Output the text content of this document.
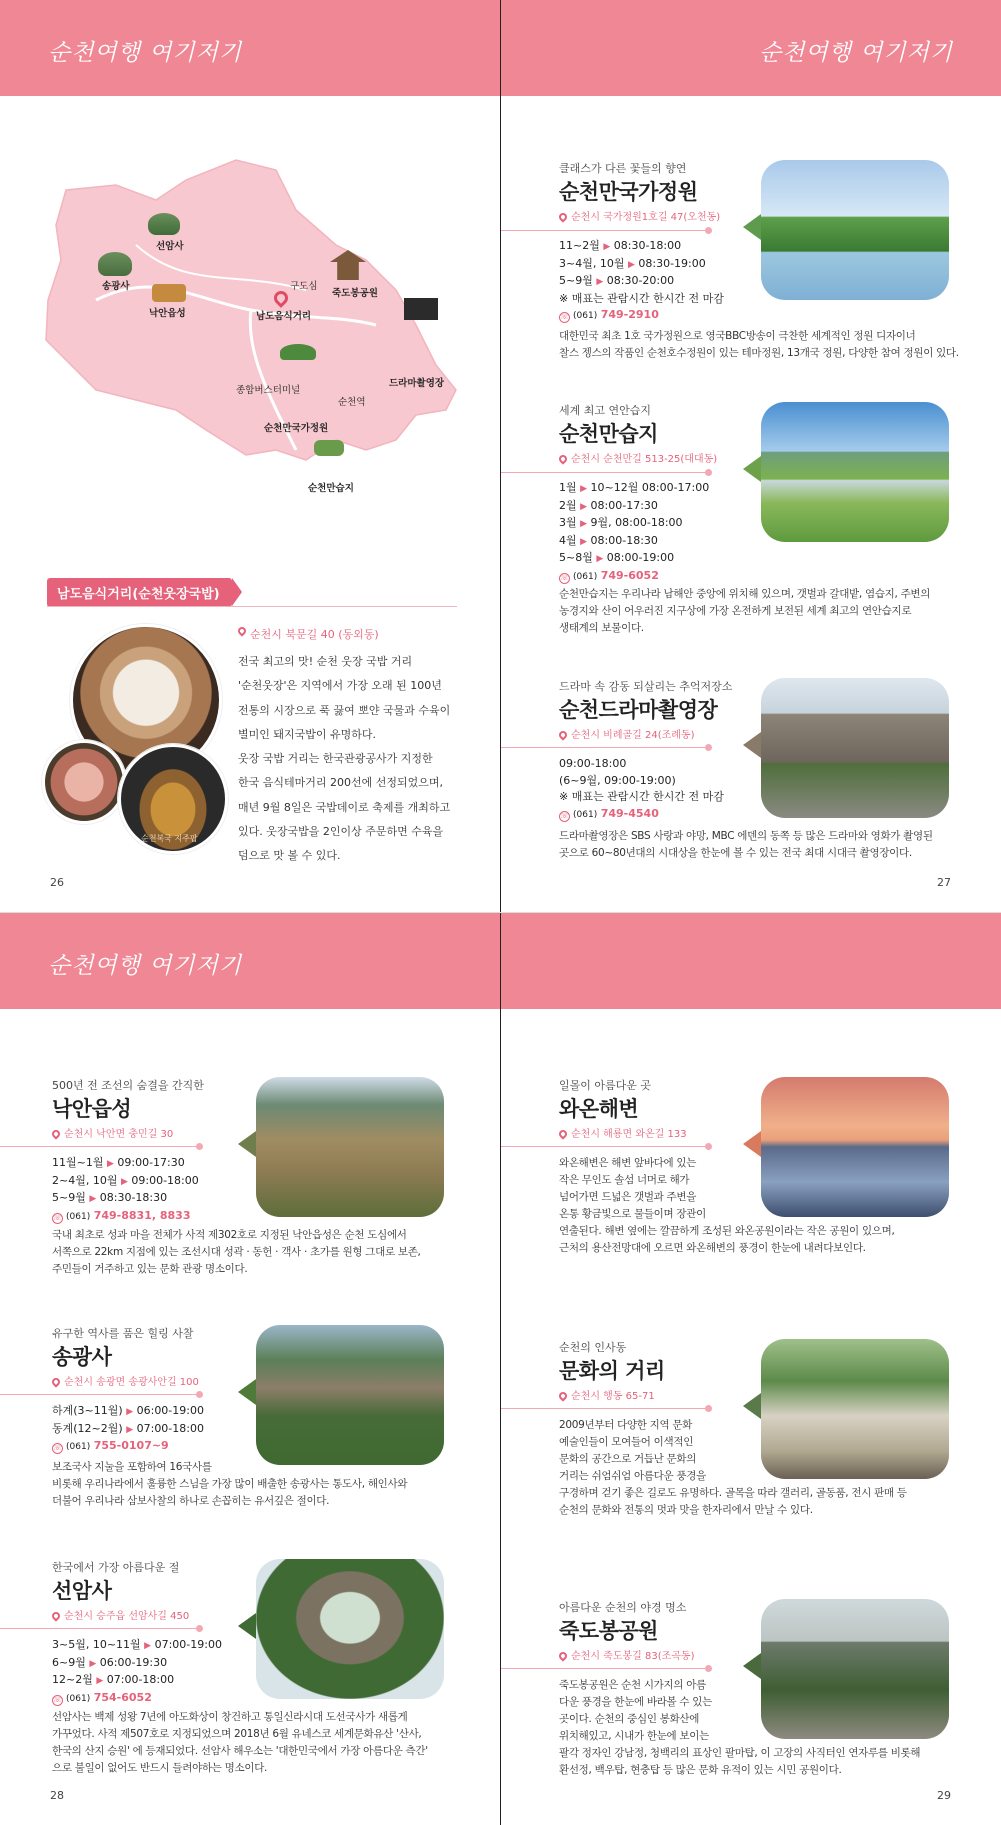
순천여행 여기저기
선암사
송광사
낙안읍성
구도심
죽도봉공원
남도음식거리
드라마촬영장
종합버스터미널
순천역
순천만국가정원
순천만습지
남도음식거리(순천웃장국밥)
순천복국 지주팝
순천시 북문길 40 (동외동)
전국 최고의 맛! 순천 웃장 국밥 거리
'순천웃장'은 지역에서 가장 오래 된 100년
전통의 시장으로 푹 끓여 뽀얀 국물과 수육이
별미인 돼지국밥이 유명하다.
웃장 국밥 거리는 한국관광공사가 지정한
한국 음식테마거리 200선에 선정되었으며,
매년 9월 8일은 국밥데이로 축제를 개최하고
있다. 웃장국밥을 2인이상 주문하면 수육을
덤으로 맛 볼 수 있다.
26
순천여행 여기저기
클래스가 다른 꽃들의 향연
순천만국가정원
순천시 국가정원1호길 47(오천동)
11~2월 ▶ 08:30-18:00
3~4월, 10월 ▶ 08:30-19:00
5~9월 ▶ 08:30-20:00
※ 매표는 관람시간 한시간 전 마감
☏ (061) 749-2910
대한민국 최초 1호 국가정원으로 영국BBC방송이 극찬한 세계적인 정원 디자이너
찰스 젱스의 작품인 순천호수정원이 있는 테마정원, 13개국 정원, 다양한 참여 정원이 있다.
세계 최고 연안습지
순천만습지
순천시 순천만길 513-25(대대동)
1월 ▶ 10~12월 08:00-17:00
2월 ▶ 08:00-17:30
3월 ▶ 9월, 08:00-18:00
4월 ▶ 08:00-18:30
5~8월 ▶ 08:00-19:00
☏ (061) 749-6052
순천만습지는 우리나라 남해안 중앙에 위치해 있으며, 갯벌과 갈대밭, 염습지, 주변의
농경지와 산이 어우러진 지구상에 가장 온전하게 보전된 세계 최고의 연안습지로
생태계의 보물이다.
드라마 속 감동 되살리는 추억저장소
순천드라마촬영장
순천시 비례골길 24(조례동)
09:00-18:00
(6~9월, 09:00-19:00)
※ 매표는 관람시간 한시간 전 마감
☏ (061) 749-4540
드라마촬영장은 SBS 사랑과 야망, MBC 에덴의 동쪽 등 많은 드라마와 영화가 촬영된
곳으로 60~80년대의 시대상을 한눈에 볼 수 있는 전국 최대 시대극 촬영장이다.
27
순천여행 여기저기
500년 전 조선의 숨결을 간직한
낙안읍성
순천시 낙안면 충민길 30
11월~1월 ▶ 09:00-17:30
2~4월, 10월 ▶ 09:00-18:00
5~9월 ▶ 08:30-18:30
☏ (061) 749-8831, 8833
국내 최초로 성과 마을 전체가 사적 제302호로 지정된 낙안읍성은 순천 도심에서
서쪽으로 22km 지점에 있는 조선시대 성곽 · 동헌 · 객사 · 초가를 원형 그대로 보존,
주민들이 거주하고 있는 문화 관광 명소이다.
유구한 역사를 품은 힐링 사찰
송광사
순천시 송광면 송광사안길 100
하계(3~11월) ▶ 06:00-19:00
동계(12~2월) ▶ 07:00-18:00
☏ (061) 755-0107~9
보조국사 지눌을 포함하여 16국사를
비롯해 우리나라에서 훌륭한 스님을 가장 많이 배출한 송광사는 통도사, 해인사와
더불어 우리나라 삼보사찰의 하나로 손꼽히는 유서깊은 절이다.
한국에서 가장 아름다운 절
선암사
순천시 승주읍 선암사길 450
3~5월, 10~11월 ▶ 07:00-19:00
6~9월 ▶ 06:00-19:30
12~2월 ▶ 07:00-18:00
☏ (061) 754-6052
선암사는 백제 성왕 7년에 아도화상이 창건하고 통일신라시대 도선국사가 새롭게
가꾸었다. 사적 제507호로 지정되었으며 2018년 6월 유네스코 세계문화유산 '산사,
한국의 산지 승원' 에 등재되었다. 선암사 해우소는 '대한민국에서 가장 아름다운 측간'
으로 불일이 없어도 반드시 들려야하는 명소이다.
28
일몰이 아름다운 곳
와온해변
순천시 해룡면 와온길 133
와온해변은 해변 앞바다에 있는
작은 무인도 솔섬 너머로 해가
넘어가면 드넓은 갯벌과 주변을
온통 황금빛으로 물들이며 장관이
연출된다. 해변 옆에는 깔끔하게 조성된 와온공원이라는 작은 공원이 있으며,
근처의 용산전망대에 오르면 와온해변의 풍경이 한눈에 내려다보인다.
순천의 인사동
문화의 거리
순천시 행동 65-71
2009년부터 다양한 지역 문화
예술인들이 모여들어 이색적인
문화의 공간으로 거듭난 문화의
거리는 쉬엄쉬엄 아름다운 풍경을
구경하며 걷기 좋은 길로도 유명하다. 골목을 따라 갤러리, 골동품, 전시 판매 등
순천의 문화와 전통의 멋과 맛을 한자리에서 만날 수 있다.
아름다운 순천의 야경 명소
죽도봉공원
순천시 죽도봉길 83(조곡동)
죽도봉공원은 순천 시가지의 아름
다운 풍경을 한눈에 바라볼 수 있는
곳이다. 순천의 중심인 봉화산에
위치해있고, 시내가 한눈에 보이는
팔각 정자인 강남정, 청백리의 표상인 팔마탑, 이 고장의 사직터인 연자루를 비롯해
환선정, 백우탑, 현충탑 등 많은 문화 유적이 있는 시민 공원이다.
29
